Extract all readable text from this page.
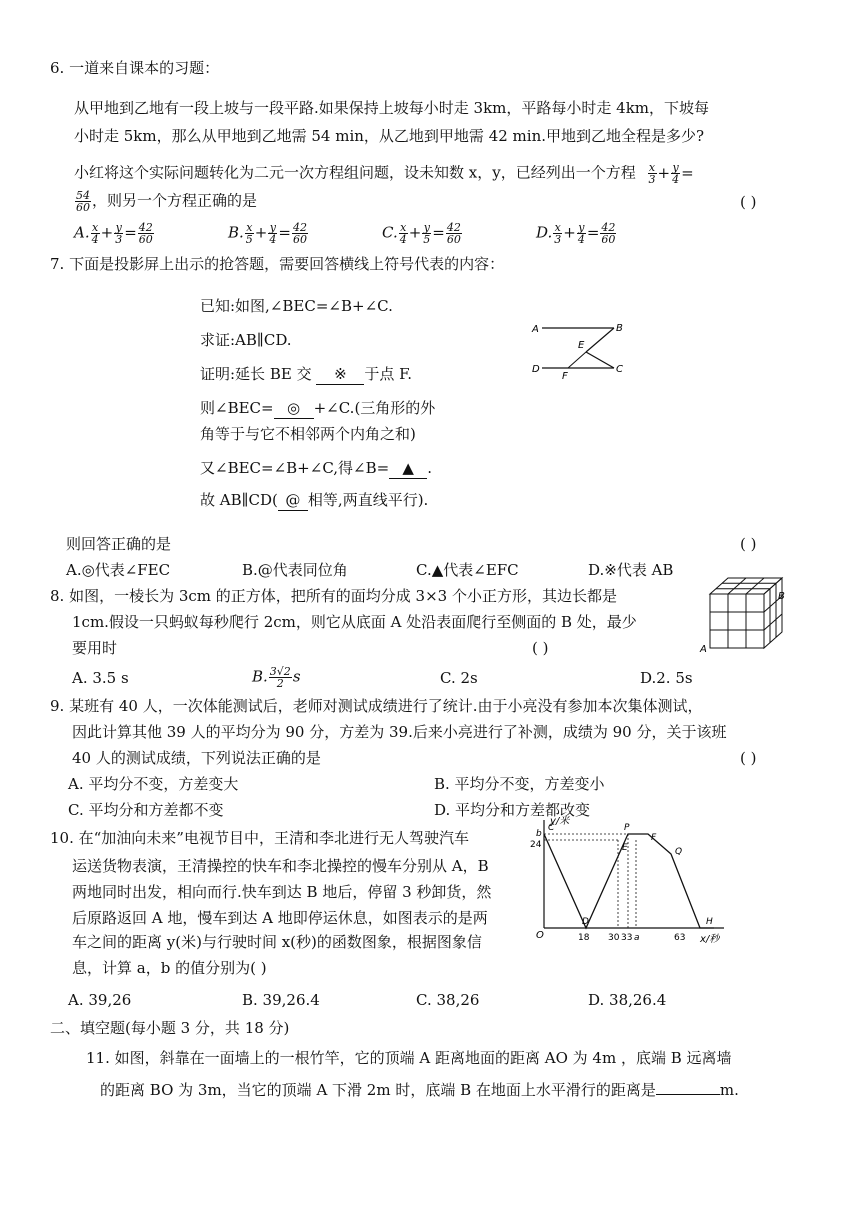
6. 一道来自课本的习题：
从甲地到乙地有一段上坡与一段平路.如果保持上坡每小时走 3km，平路每小时走 4km，下坡每
小时走 5km，那么从甲地到乙地需 54 min，从乙地到甲地需 42 min.甲地到乙地全程是多少?
小红将这个实际问题转化为二元一次方程组问题，设未知数 x，y，已经列出一个方程 $\frac{x}{3} + \frac{y}{4}$ =
$\frac{54}{60}$ ，则另一个方程正确的是	( )
A. $\frac{x}{4} + \frac{y}{3} = \frac{42}{60}$	B. $\frac{x}{5} + \frac{y}{4} = \frac{42}{60}$	C. $\frac{x}{4} + \frac{y}{5} = \frac{42}{60}$	D. $\frac{x}{3} + \frac{y}{4} = \frac{42}{60}$
7. 下面是投影屏上出示的抢答题，需要回答横线上符号代表的内容：
已知:如图,∠BEC=∠B+∠C.
求证:AB∥CD.
证明:延长 BE 交 ※ 于点 F.
则∠BEC= ◎ +∠C.(三角形的外
角等于与它不相邻两个内角之和)
又∠BEC=∠B+∠C,得∠B= ▲ .
故 AB∥CD( @ 相等,两直线平行).
A	B
E
D
F
C
则回答正确的是	( )
A.◎代表∠FEC	B.@代表同位角	C.▲代表∠EFC	D.※代表 AB
8. 如图，一棱长为 3cm 的正方体，把所有的面均分成 3×3 个小正方形，其边长都是
1cm.假设一只蚂蚁每秒爬行 2cm，则它从底面 A 处沿表面爬行至侧面的 B 处，最少
要用时	( )
B
A
A. 3.5 s	B. $\frac{3√2}{2}$ s	C. 2s	D.2. 5s
9. 某班有 40 人，一次体能测试后，老师对测试成绩进行了统计.由于小亮没有参加本次集体测试，
因此计算其他 39 人的平均分为 90 分，方差为 39.后来小亮进行了补测，成绩为 90 分，关于该班
40 人的测试成绩，下列说法正确的是	( )
A. 平均分不变，方差变大	B. 平均分不变，方差变小
C. 平均分和方差都不变	D. 平均分和方差都改变
10. 在“加油向未来”电视节目中，王清和李北进行无人驾驶汽车
运送货物表演，王清操控的快车和李北操控的慢车分别从 A，B
两地同时出发，相向而行.快车到达 B 地后，停留 3 秒卸货，然
后原路返回 A 地，慢车到达 A 地即停运休息，如图表示的是两
车之间的距离 y(米)与行驶时间 x(秒)的函数图象，根据图象信
息，计算 a，b 的值分别为( )
y/米
x/秒
O
b
24
18 30 33 a	63
C	P
F
E	Q
D	H
A. 39,26	B. 39,26.4	C. 38,26	D. 38,26.4
二、填空题(每小题 3 分，共 18 分)
11. 如图，斜靠在一面墙上的一根竹竿，它的顶端 A 距离地面的距离 AO 为 4m ，底端 B 远离墙
的距离 BO 为 3m，当它的顶端 A 下滑 2m 时，底端 B 在地面上水平滑行的距离是	m.
